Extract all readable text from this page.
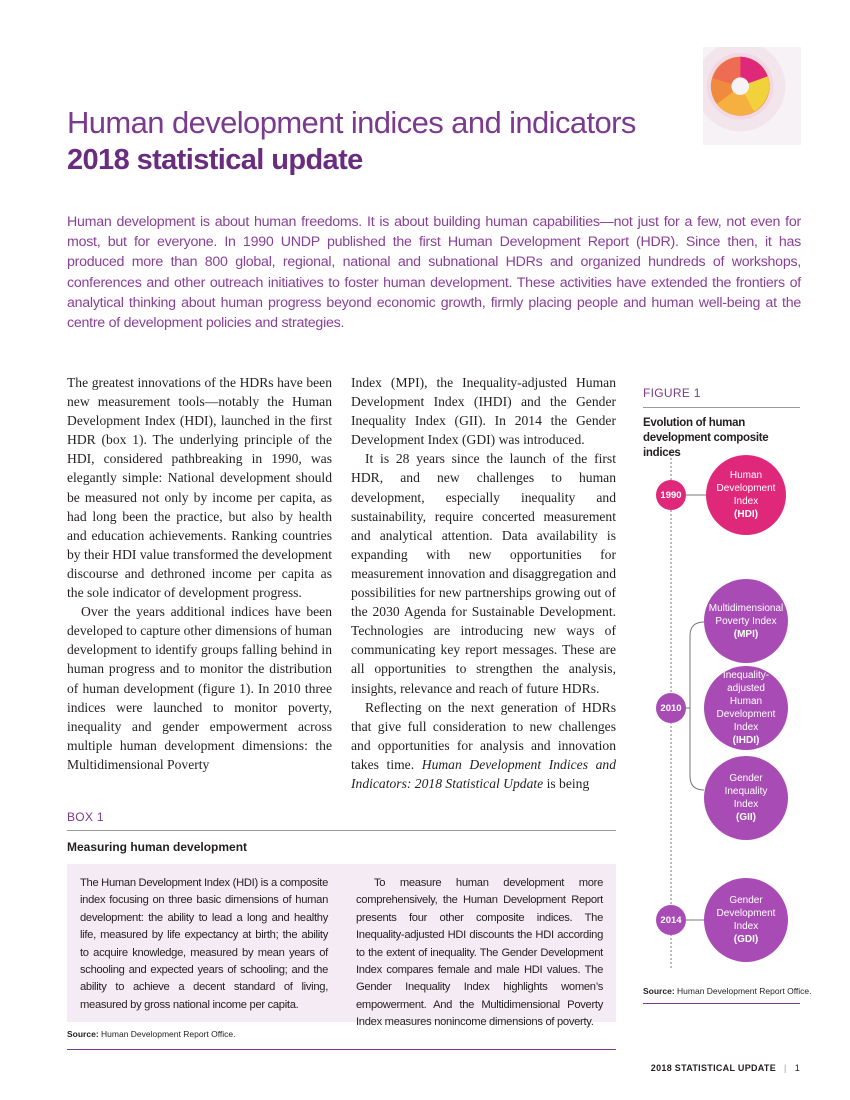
Human development indices and indicators
2018 statistical update
Human development is about human freedoms. It is about building human capabilities—not just for a few, not even for most, but for everyone. In 1990 UNDP published the first Human Development Report (HDR). Since then, it has produced more than 800 global, regional, national and subnational HDRs and organized hundreds of workshops, conferences and other outreach initiatives to foster human development. These activities have extended the frontiers of analytical thinking about human progress beyond economic growth, firmly placing people and human well-being at the centre of development policies and strategies.

The greatest innovations of the HDRs have been new measurement tools—notably the Human Development Index (HDI), launched in the first HDR (box 1). The underlying principle of the HDI, considered pathbreaking in 1990, was elegantly simple: National development should be measured not only by income per capita, as had long been the practice, but also by health and education achievements. Ranking countries by their HDI value transformed the development discourse and dethroned income per capita as the sole indicator of development progress.

Over the years additional indices have been developed to capture other dimensions of human development to identify groups falling behind in human progress and to monitor the distribution of human development (figure 1). In 2010 three indices were launched to monitor poverty, inequality and gender empowerment across multiple human development dimensions: the Multidimensional Poverty

Index (MPI), the Inequality-adjusted Human Development Index (IHDI) and the Gender Inequality Index (GII). In 2014 the Gender Development Index (GDI) was introduced.

It is 28 years since the launch of the first HDR, and new challenges to human development, especially inequality and sustainability, require concerted measurement and analytical attention. Data availability is expanding with new opportunities for measurement innovation and disaggregation and possibilities for new partnerships growing out of the 2030 Agenda for Sustainable Development. Technologies are introducing new ways of communicating key report messages. These are all opportunities to strengthen the analysis, insights, relevance and reach of future HDRs.

Reflecting on the next generation of HDRs that give full consideration to new challenges and opportunities for analysis and innovation takes time. Human Development Indices and Indicators: 2018 Statistical Update is being

BOX 1
Measuring human development
The Human Development Index (HDI) is a composite index focusing on three basic dimensions of human development: the ability to lead a long and healthy life, measured by life expectancy at birth; the ability to acquire knowledge, measured by mean years of schooling and expected years of schooling; and the ability to achieve a decent standard of living, measured by gross national income per capita.
To measure human development more comprehensively, the Human Development Report presents four other composite indices. The Inequality-adjusted HDI discounts the HDI according to the extent of inequality. The Gender Development Index compares female and male HDI values. The Gender Inequality Index highlights women’s empowerment. And the Multidimensional Poverty Index measures nonincome dimensions of poverty.
Source: Human Development Report Office.
FIGURE 1
Evolution of human development composite indices
1990
2010
2014
Human Development Index
(HDI)
Multidimensional Poverty Index
(MPI)
Inequality-adjusted Human Development Index
(IHDI)
Gender Inequality Index
(GII)
Gender Development Index
(GDI)
Source: Human Development Report Office.
2018 STATISTICAL UPDATE | 1
